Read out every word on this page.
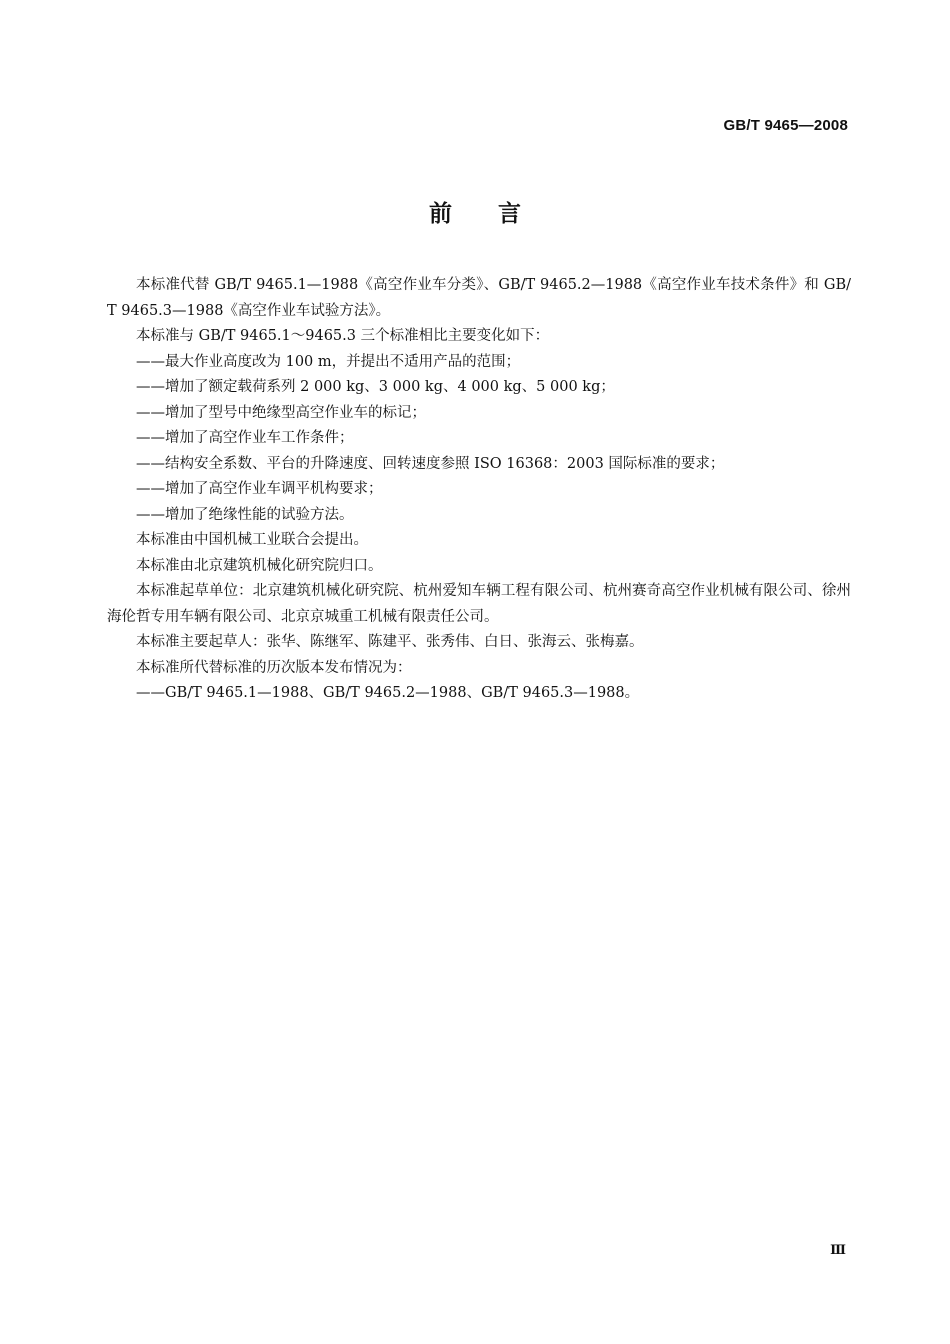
GB/T 9465—2008
前 言

本标准代替 GB/T 9465.1—1988《高空作业车分类》、GB/T 9465.2—1988《高空作业车技术条件》和 GB/T 9465.3—1988《高空作业车试验方法》。

本标准与 GB/T 9465.1～9465.3 三个标准相比主要变化如下：

——最大作业高度改为 100 m，并提出不适用产品的范围；

——增加了额定载荷系列 2 000 kg、3 000 kg、4 000 kg、5 000 kg；

——增加了型号中绝缘型高空作业车的标记；

——增加了高空作业车工作条件；

——结构安全系数、平台的升降速度、回转速度参照 ISO 16368：2003 国际标准的要求；

——增加了高空作业车调平机构要求；

——增加了绝缘性能的试验方法。

本标准由中国机械工业联合会提出。

本标准由北京建筑机械化研究院归口。

本标准起草单位：北京建筑机械化研究院、杭州爱知车辆工程有限公司、杭州赛奇高空作业机械有限公司、徐州海伦哲专用车辆有限公司、北京京城重工机械有限责任公司。

本标准主要起草人：张华、陈继军、陈建平、张秀伟、白日、张海云、张梅嘉。

本标准所代替标准的历次版本发布情况为：

——GB/T 9465.1—1988、GB/T 9465.2—1988、GB/T 9465.3—1988。

Ⅲ
